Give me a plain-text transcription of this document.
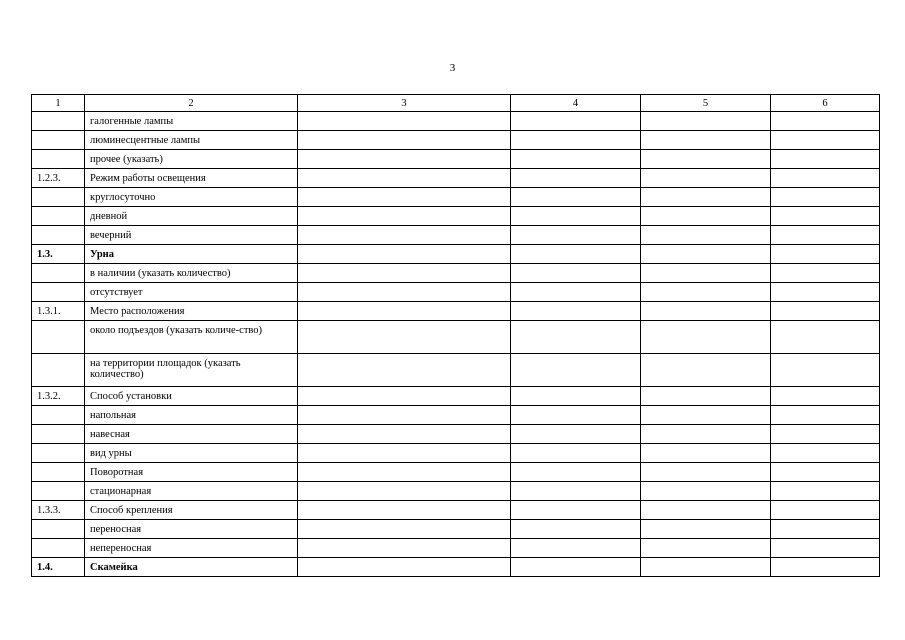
3
1	2	3	4	5	6
	галогенные лампы				
	люминесцентные лампы				
	прочее (указать)				
1.2.3.	Режим работы освещения				
	круглосуточно				
	дневной				
	вечерний				
1.3.	Урна				
	в наличии (указать количество)				
	отсутствует				
1.3.1.	Место расположения				
	около подъездов (указать количе-ство)				
	на территории площадок (указать количество)				
1.3.2.	Способ установки				
	напольная				
	навесная				
	вид урны				
	Поворотная				
	стационарная				
1.3.3.	Способ крепления				
	переносная				
	непереносная				
1.4.	Скамейка				
